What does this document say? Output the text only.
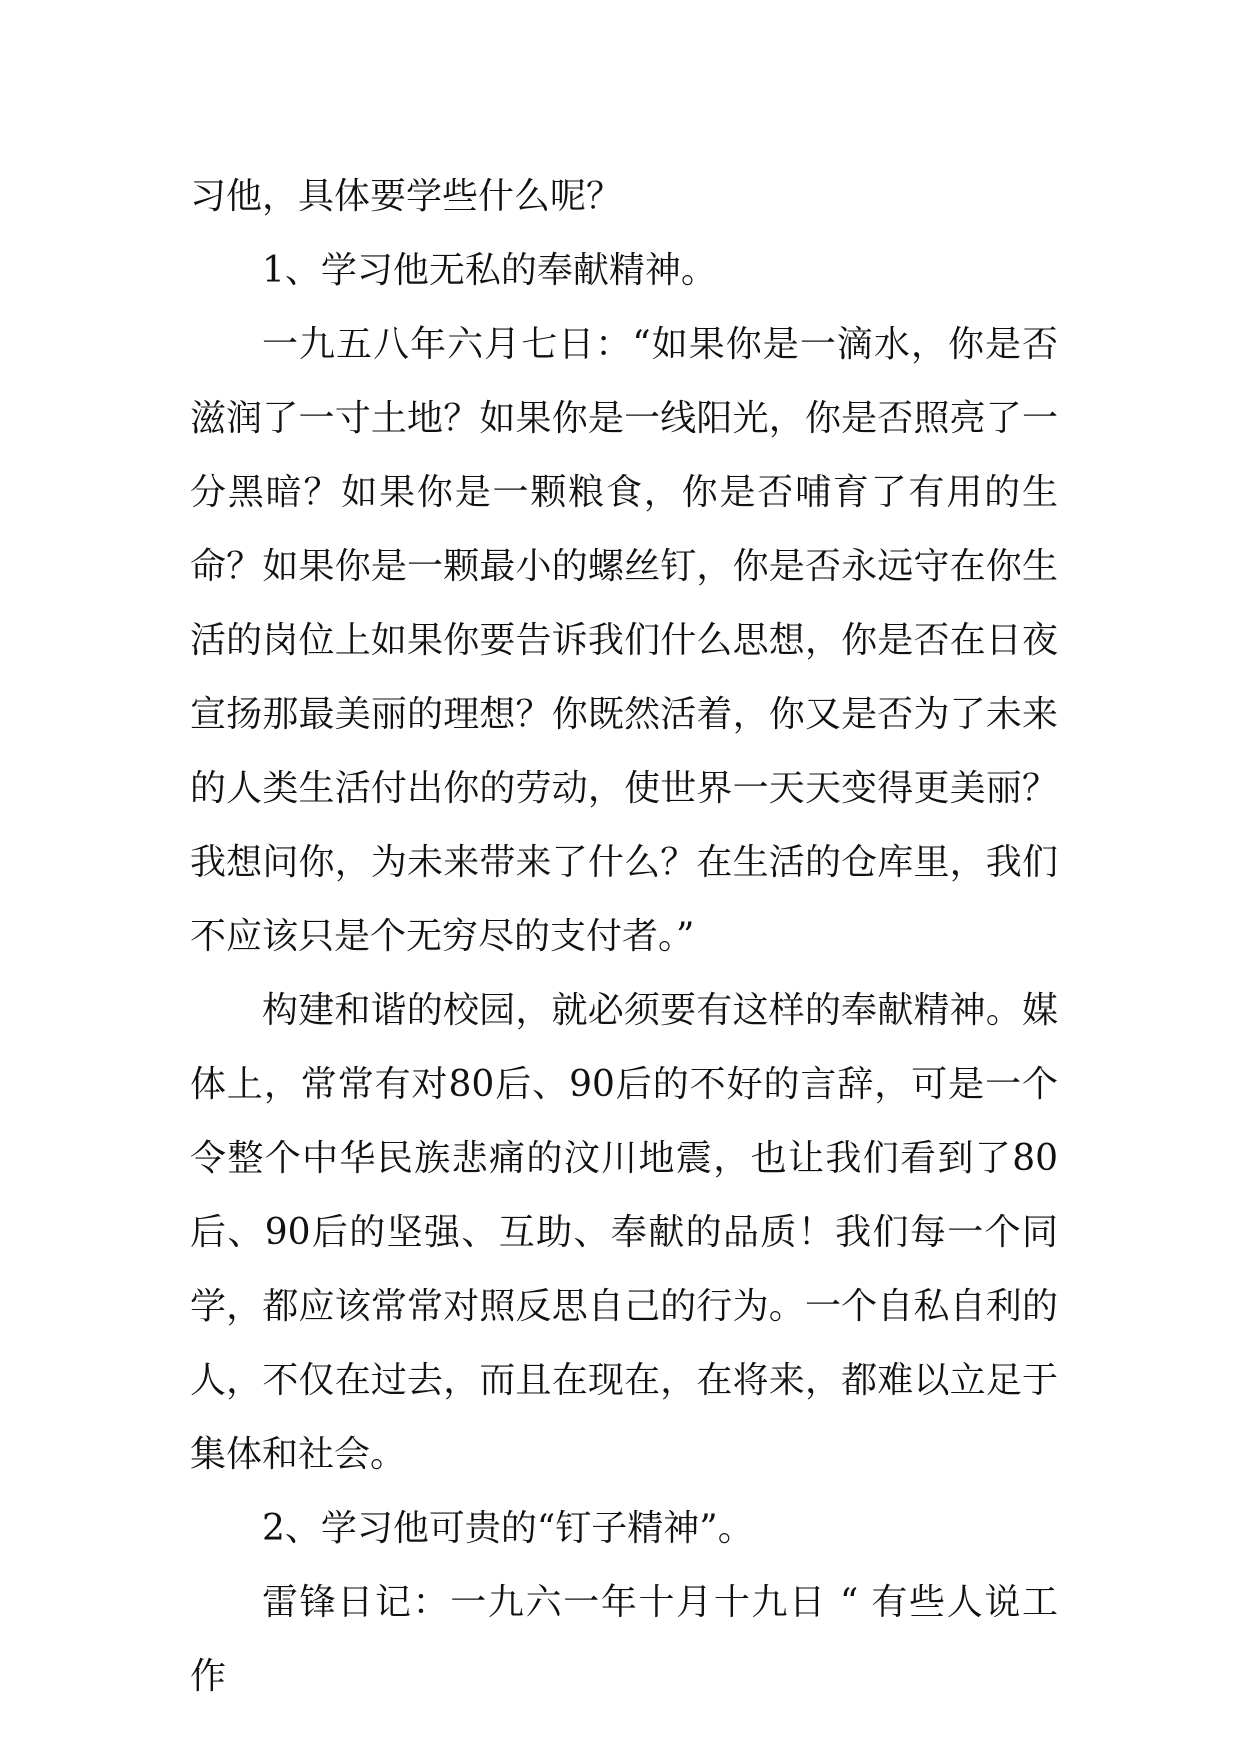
习他，具体要学些什么呢？

1、学习他无私的奉献精神。

一九五八年六月七日：“如果你是一滴水，你是否滋润了一寸土地？如果你是一线阳光，你是否照亮了一分黑暗？如果你是一颗粮食，你是否哺育了有用的生命？如果你是一颗最小的螺丝钉，你是否永远守在你生活的岗位上如果你要告诉我们什么思想，你是否在日夜宣扬那最美丽的理想？你既然活着，你又是否为了未来的人类生活付出你的劳动，使世界一天天变得更美丽？我想问你，为未来带来了什么？在生活的仓库里，我们不应该只是个无穷尽的支付者。”

构建和谐的校园，就必须要有这样的奉献精神。媒体上，常常有对80后、90后的不好的言辞，可是一个令整个中华民族悲痛的汶川地震，也让我们看到了80后、90后的坚强、互助、奉献的品质！我们每一个同学，都应该常常对照反思自己的行为。一个自私自利的人，不仅在过去，而且在现在，在将来，都难以立足于集体和社会。

2、学习他可贵的“钉子精神”。

雷锋日记：一九六一年十月十九日 “ 有些人说工作
